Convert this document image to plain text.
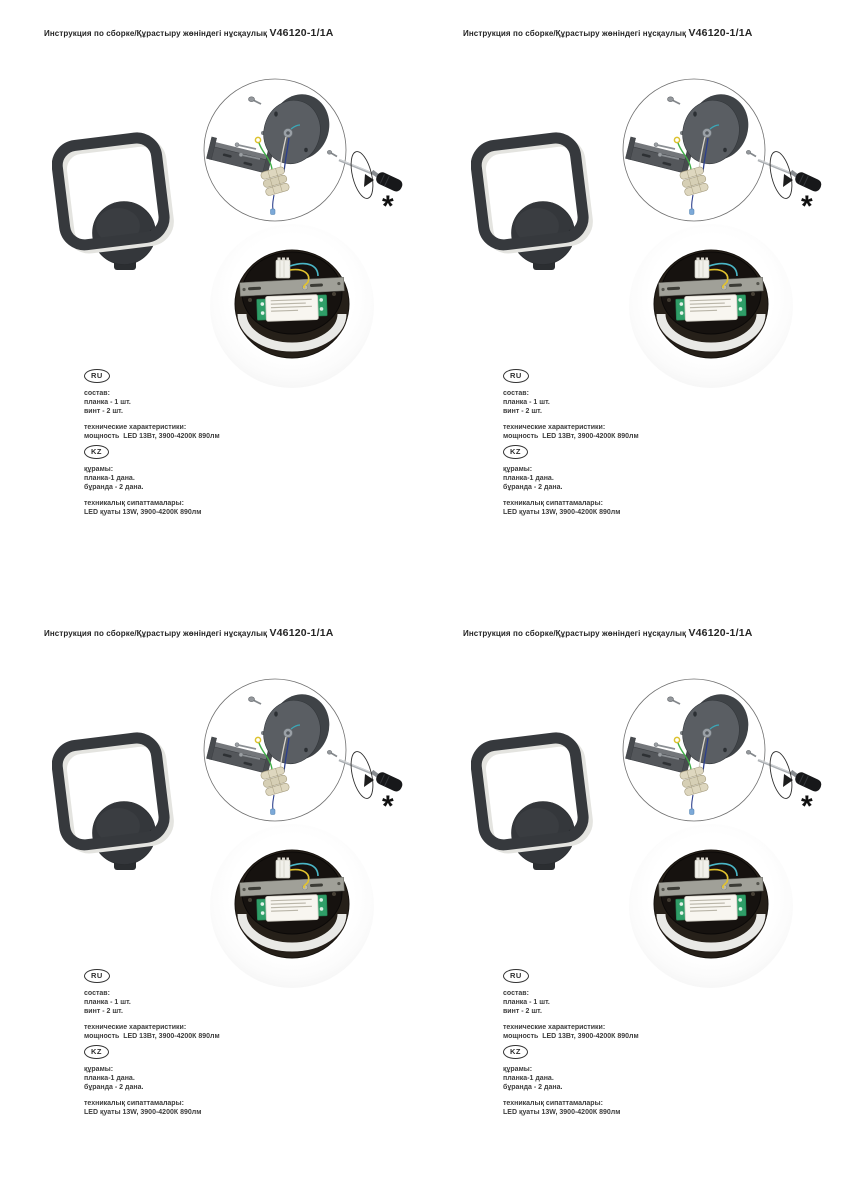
Инструкция по сборке/Құрастыру жөніндегі нұсқаулық V46120-1/1A
*
RU
состав:
планка - 1 шт.
винт - 2 шт.
технические характеристики:
мощность  LED 13Вт, 3900-4200К 890лм
KZ
құрамы:
планка-1 дана.
бұранда - 2 дана.
техникалық сипаттамалары:
LED қуаты 13W, 3900-4200К 890лм
Инструкция по сборке/Құрастыру жөніндегі нұсқаулық V46120-1/1A
*
RU
состав:
планка - 1 шт.
винт - 2 шт.
технические характеристики:
мощность  LED 13Вт, 3900-4200К 890лм
KZ
құрамы:
планка-1 дана.
бұранда - 2 дана.
техникалық сипаттамалары:
LED қуаты 13W, 3900-4200К 890лм
Инструкция по сборке/Құрастыру жөніндегі нұсқаулық V46120-1/1A
*
RU
состав:
планка - 1 шт.
винт - 2 шт.
технические характеристики:
мощность  LED 13Вт, 3900-4200К 890лм
KZ
құрамы:
планка-1 дана.
бұранда - 2 дана.
техникалық сипаттамалары:
LED қуаты 13W, 3900-4200К 890лм
Инструкция по сборке/Құрастыру жөніндегі нұсқаулық V46120-1/1A
*
RU
состав:
планка - 1 шт.
винт - 2 шт.
технические характеристики:
мощность  LED 13Вт, 3900-4200К 890лм
KZ
құрамы:
планка-1 дана.
бұранда - 2 дана.
техникалық сипаттамалары:
LED қуаты 13W, 3900-4200К 890лм
